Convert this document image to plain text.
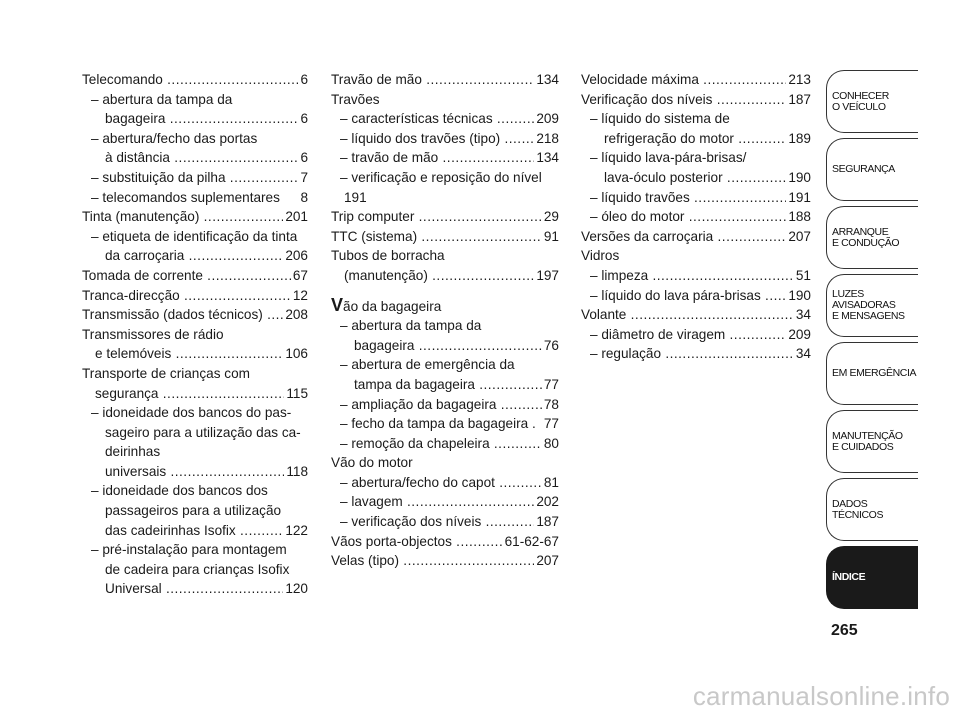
Telecomando	6
.....
– abertura da tampa da
bagageira	6
.....
– abertura/fecho das portas
à distância	6
.....
– substituição da pilha	7
.....
– telecomandos suplementares 8
Tinta (manutenção)	201
.....
– etiqueta de identificação da tinta
da carroçaria	206
.....
Tomada de corrente	67
.....
Tranca-direcção	12
.....
Transmissão (dados técnicos) 208
.....
Transmissores de rádio
e telemóveis	106
.....
Transporte de crianças com
segurança	115
.....
– idoneidade dos bancos do pas-
sageiro para a utilização das ca-
deirinhas
universais	118
.....
– idoneidade dos bancos dos
passageiros para a utilização
das cadeirinhas Isofix	122
.....
– pré-instalação para montagem
de cadeira para crianças Isofix
Universal	120
.....
Travão de mão	134
.....
Travões
– características técnicas	209
.....
– líquido dos travões (tipo)	218
.....
– travão de mão	134
.....
– verificação e reposição do nível
191
Trip computer	29
.....
TTC (sistema)	91
.....
Tubos de borracha
(manutenção)	197
.....
Vão da bagageira
– abertura da tampa da
bagageira	76
.....
– abertura de emergência da
tampa da bagageira	77
.....
– ampliação da bagageira	78
.....
– fecho da tampa da bagageira . 77
– remoção da chapeleira	80
.....
Vão do motor
– abertura/fecho do capot	81
.....
– lavagem	202
.....
– verificação dos níveis	187
.....
Vãos porta-objectos	61-62-67
.....
Velas (tipo)	207
.....
Velocidade máxima	213
.....
Verificação dos níveis	187
.....
– líquido do sistema de
refrigeração do motor	189
.....
– líquido lava-pára-brisas/
lava-óculo posterior	190
.....
– líquido travões	191
.....
– óleo do motor	188
.....
Versões da carroçaria	207
.....
Vidros
– limpeza	51
.....
– líquido do lava pára-brisas 190
.....
Volante	34
.....
– diâmetro de viragem	209
.....
– regulação	34
.....
CONHECER
O VEÍCULO
SEGURANÇA
ARRANQUE
E CONDUÇÃO
LUZES
AVISADORAS
E MENSAGENS
EM EMERGÊNCIA
MANUTENÇÃO
E CUIDADOS
DADOS
TÉCNICOS
ÍNDICE
265
carmanualsonline.info
